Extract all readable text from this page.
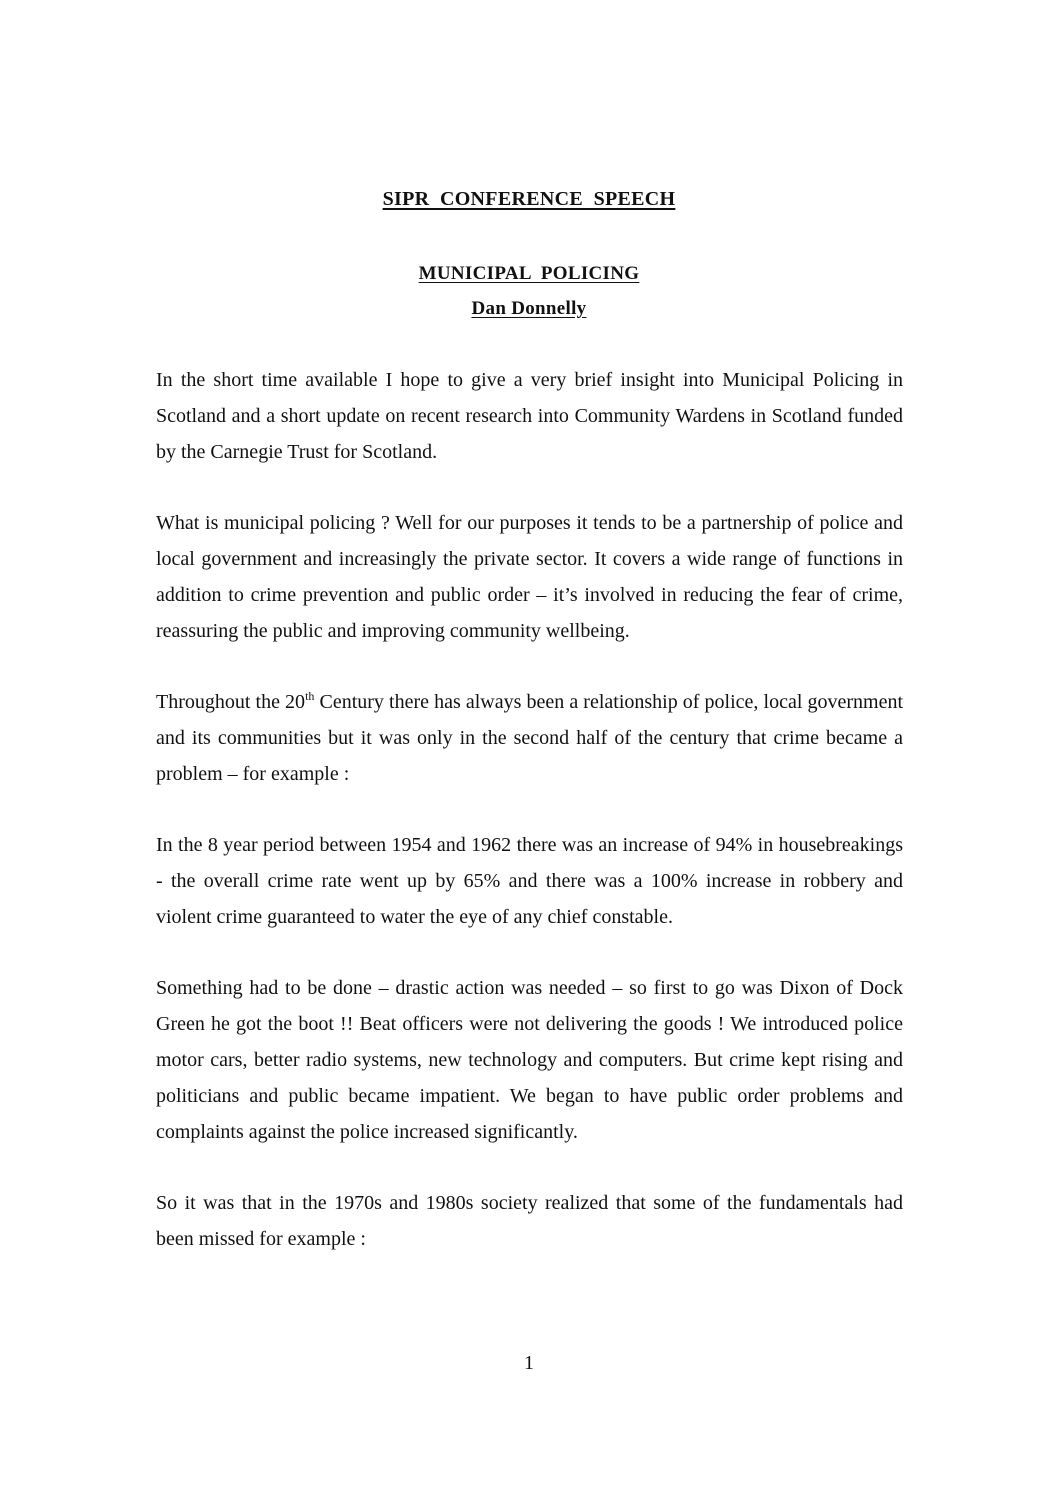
SIPR  CONFERENCE  SPEECH
MUNICIPAL  POLICING
Dan Donnelly

In the short time available I hope to give a very brief insight into Municipal Policing in Scotland and a short update on recent research into Community Wardens in Scotland funded by the Carnegie Trust for Scotland.

What is municipal policing ? Well for our purposes it tends to be a partnership of police and local government and increasingly the private sector. It covers a wide range of functions in addition to crime prevention and public order – it’s involved in reducing the fear of crime, reassuring the public and improving community wellbeing.

Throughout the 20th Century there has always been a relationship of police, local government and its communities but it was only in the second half of the century that crime became a problem – for example :

In the 8 year period between 1954 and 1962 there was an increase of 94% in housebreakings - the overall crime rate went up by 65% and there was a 100% increase in robbery and violent crime guaranteed to water the eye of any chief constable.

Something had to be done – drastic action was needed – so first to go was Dixon of Dock Green he got the boot !! Beat officers were not delivering the goods ! We introduced police motor cars, better radio systems, new technology and computers. But crime kept rising and politicians and public became impatient. We began to have public order problems and complaints against the police increased significantly.

So it was that in the 1970s and 1980s society realized that some of the fundamentals had been missed for example :

1
